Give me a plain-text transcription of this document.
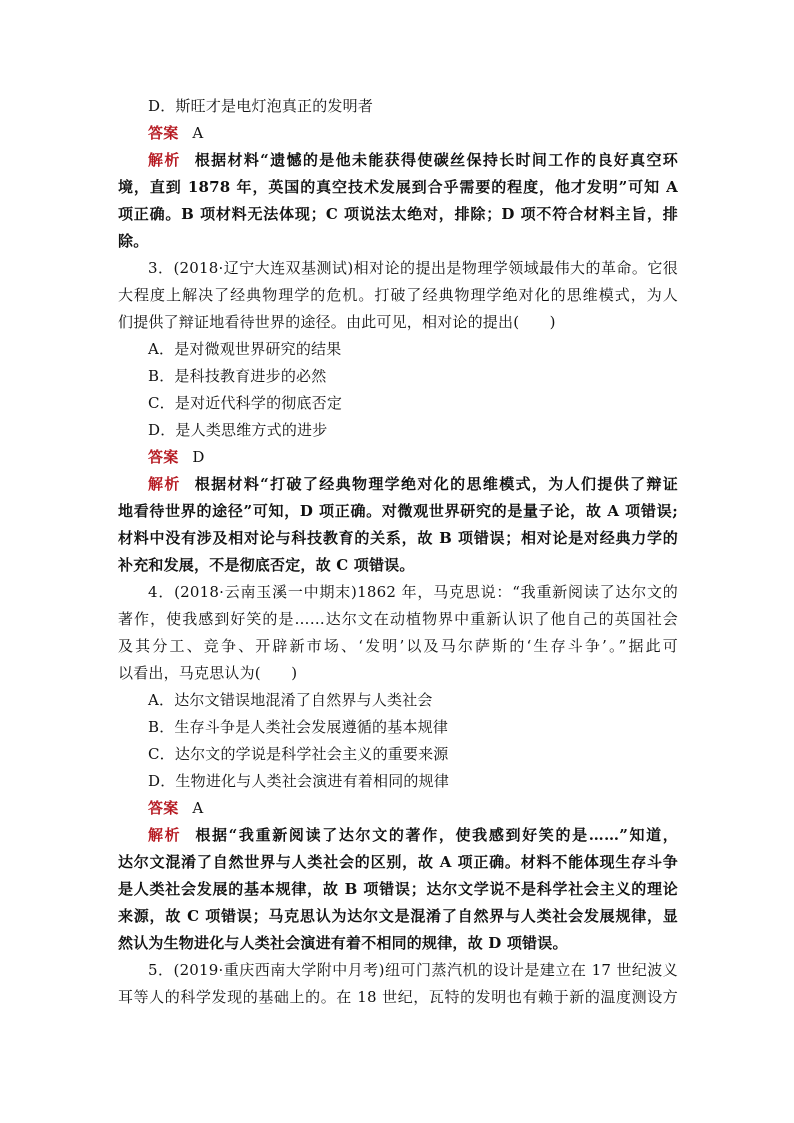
D．斯旺才是电灯泡真正的发明者
答案 A
解析 根据材料“遗憾的是他未能获得使碳丝保持长时间工作的良好真空环
境，直到 1878 年，英国的真空技术发展到合乎需要的程度，他才发明”可知 A
项正确。B 项材料无法体现；C 项说法太绝对，排除；D 项不符合材料主旨，排
除。
3．(2018·辽宁大连双基测试)相对论的提出是物理学领域最伟大的革命。它很
大程度上解决了经典物理学的危机。打破了经典物理学绝对化的思维模式，为人
们提供了辩证地看待世界的途径。由此可见，相对论的提出(　　)
A．是对微观世界研究的结果
B．是科技教育进步的必然
C．是对近代科学的彻底否定
D．是人类思维方式的进步
答案 D
解析 根据材料“打破了经典物理学绝对化的思维模式，为人们提供了辩证
地看待世界的途径”可知，D 项正确。对微观世界研究的是量子论，故 A 项错误;
材料中没有涉及相对论与科技教育的关系，故 B 项错误；相对论是对经典力学的
补充和发展，不是彻底否定，故 C 项错误。
4．(2018·云南玉溪一中期末)1862 年，马克思说：“我重新阅读了达尔文的
著作，使我感到好笑的是……达尔文在动植物界中重新认识了他自己的英国社会
及其分工、竞争、开辟新市场、‘发明’以及马尔萨斯的‘生存斗争’。”据此可
以看出，马克思认为(　　)
A．达尔文错误地混淆了自然界与人类社会
B．生存斗争是人类社会发展遵循的基本规律
C．达尔文的学说是科学社会主义的重要来源
D．生物进化与人类社会演进有着相同的规律
答案 A
解析 根据“我重新阅读了达尔文的著作，使我感到好笑的是……”知道，
达尔文混淆了自然世界与人类社会的区别，故 A 项正确。材料不能体现生存斗争
是人类社会发展的基本规律，故 B 项错误；达尔文学说不是科学社会主义的理论
来源，故 C 项错误；马克思认为达尔文是混淆了自然界与人类社会发展规律，显
然认为生物进化与人类社会演进有着不相同的规律，故 D 项错误。
5．(2019·重庆西南大学附中月考)纽可门蒸汽机的设计是建立在 17 世纪波义
耳等人的科学发现的基础上的。在 18 世纪，瓦特的发明也有赖于新的温度测设方
